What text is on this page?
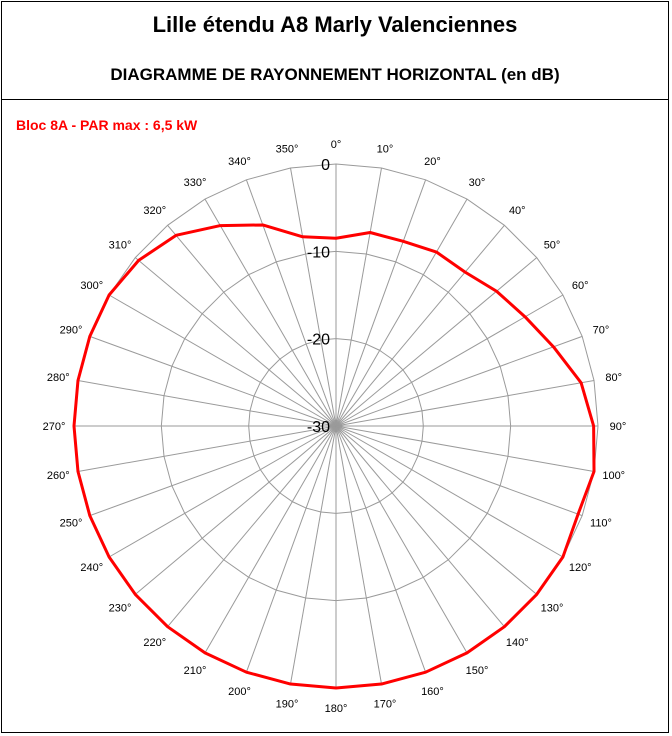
Lille étendu A8 Marly Valenciennes
DIAGRAMME DE RAYONNEMENT HORIZONTAL (en dB)
Bloc 8A - PAR max : 6,5 kW
0
-10
-20
-30
0°	10°
20°
30°
40°
50°
60°
70°
80°
90°
100°
110°
120°
130°
140°
150°
160°
170°
180°
190°
200°
210°
220°
230°
240°
250°
260°
270°
280°
290°
300°
310°
320°
330°
340°
350°
